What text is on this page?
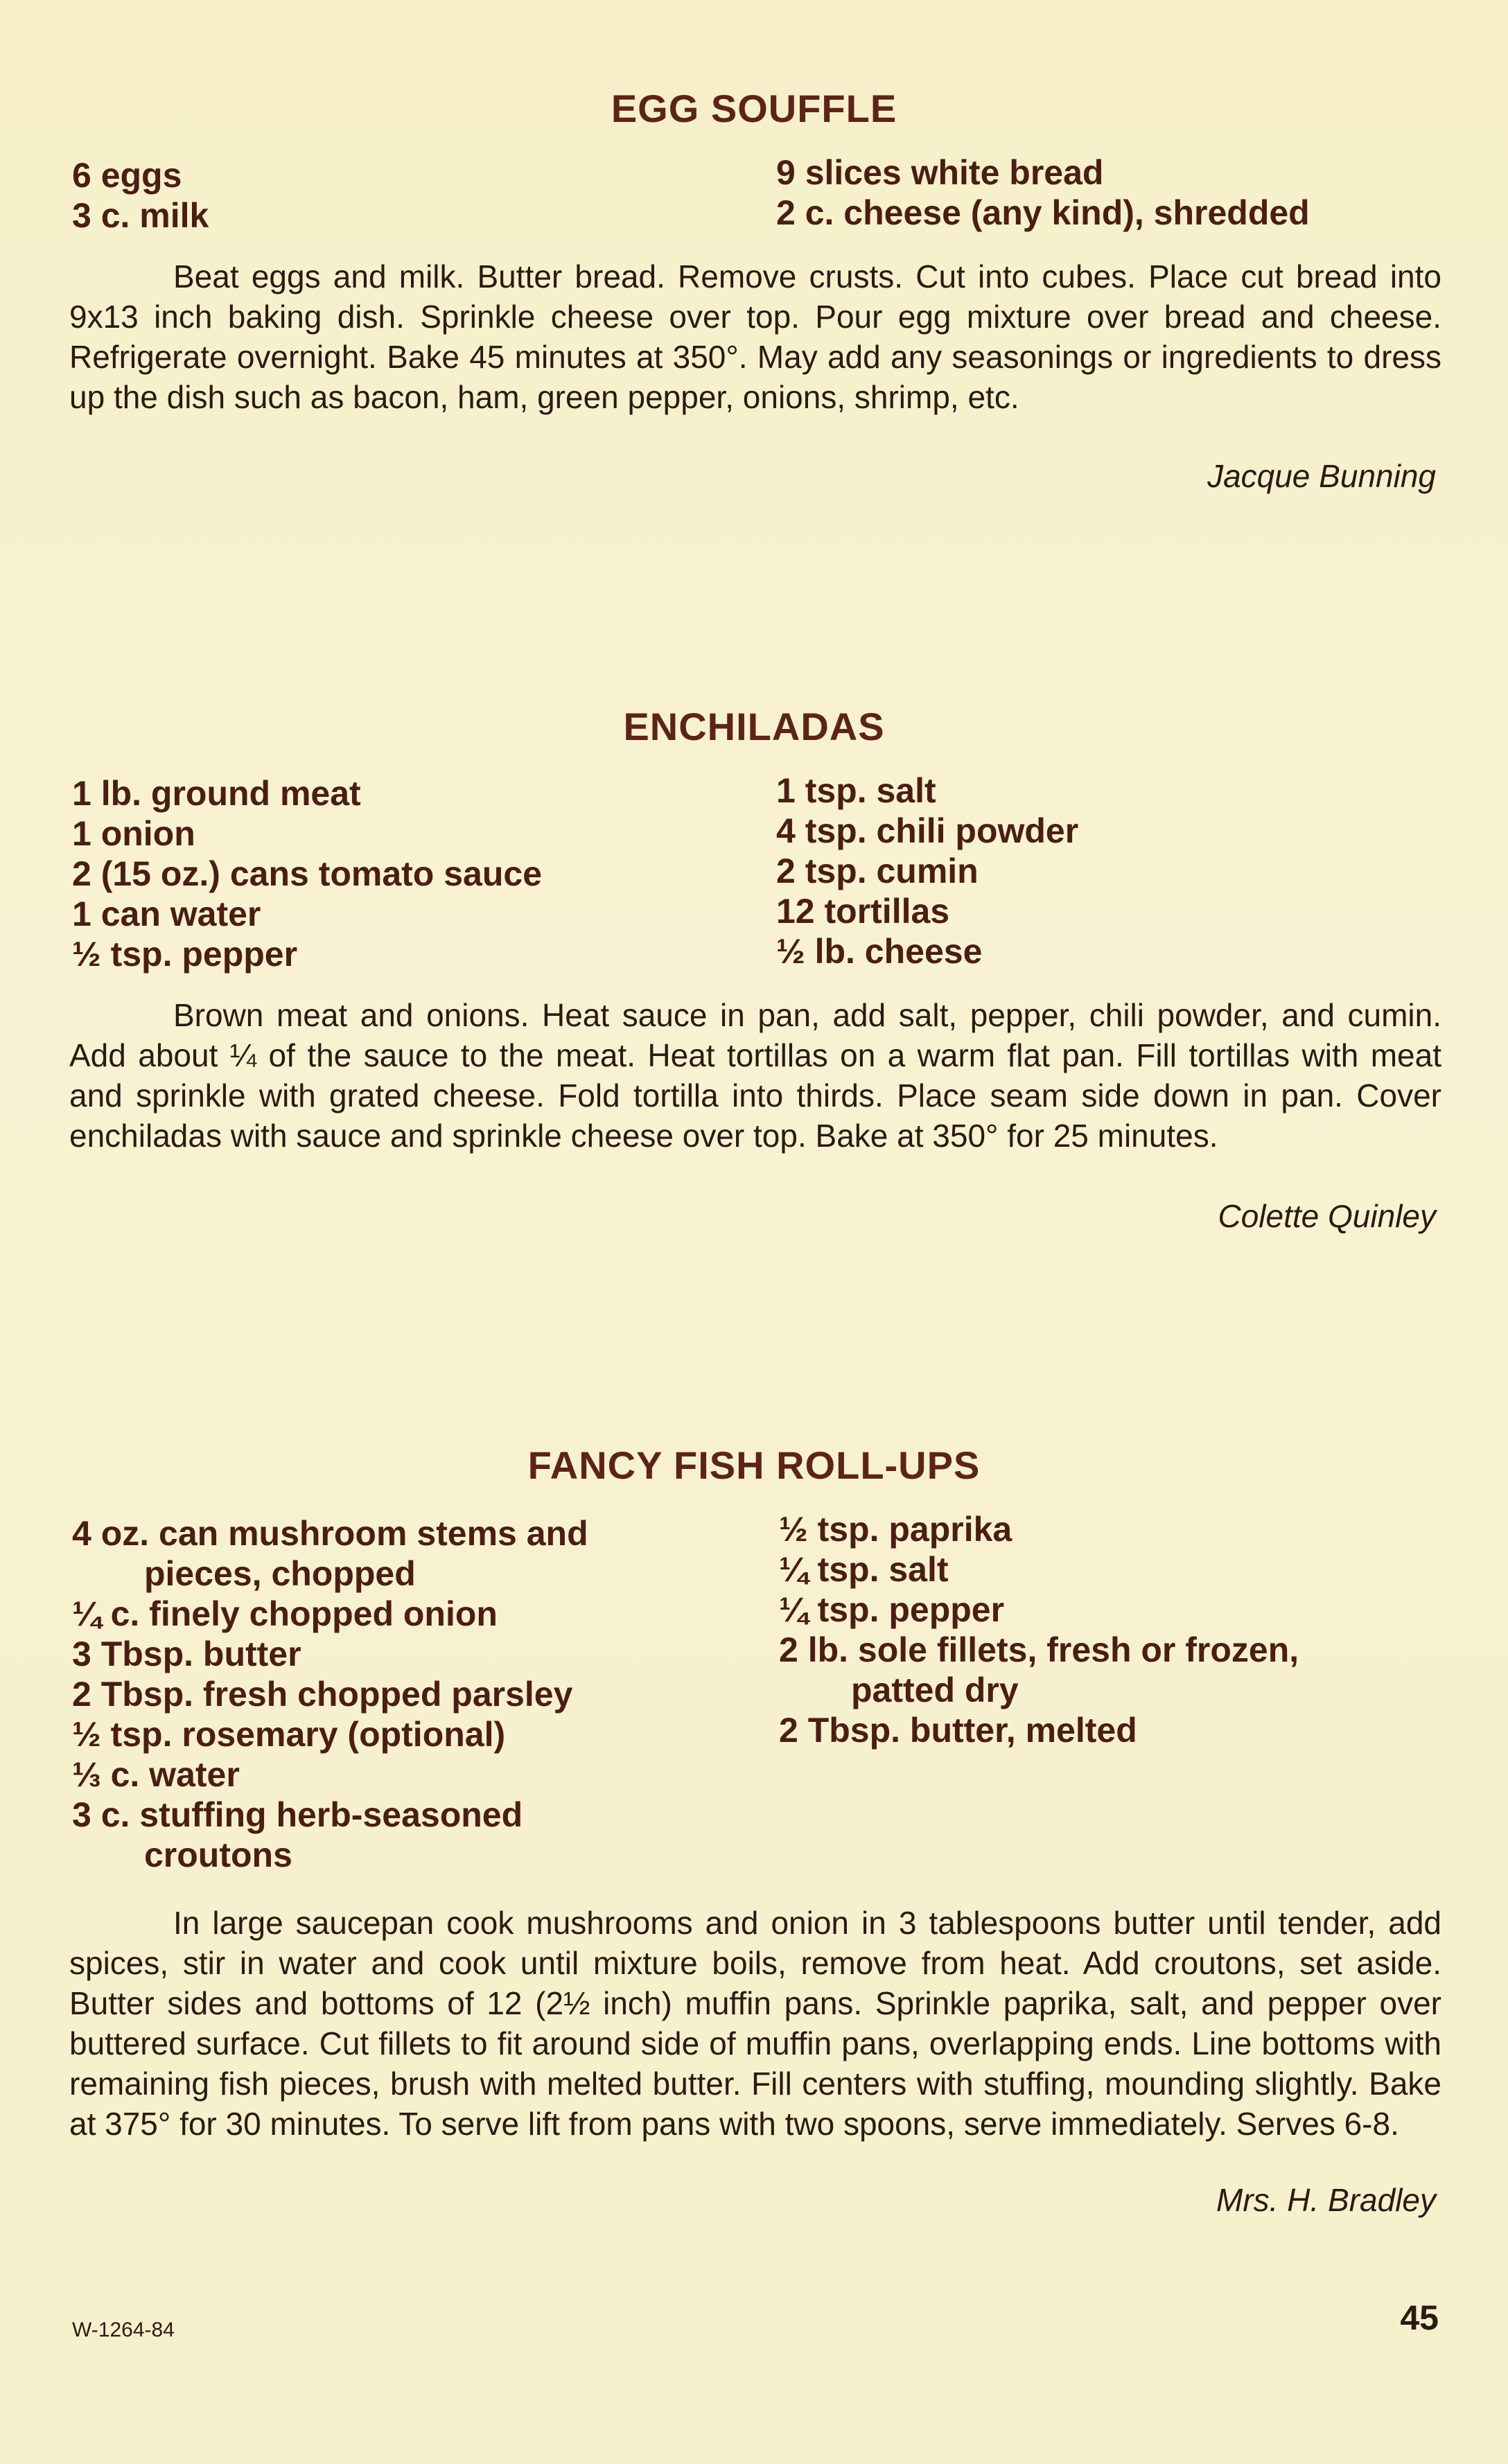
EGG SOUFFLE
6 eggs
3 c. milk
9 slices white bread
2 c. cheese (any kind), shredded
Beat eggs and milk. Butter bread. Remove crusts. Cut into cubes. Place cut bread into 9x13 inch baking dish. Sprinkle cheese over top. Pour egg mixture over bread and cheese. Refrigerate overnight. Bake 45 minutes at 350°. May add any seasonings or ingredients to dress up the dish such as bacon, ham, green pepper, onions, shrimp, etc.
Jacque Bunning
ENCHILADAS
1 lb. ground meat
1 onion
2 (15 oz.) cans tomato sauce
1 can water
½ tsp. pepper
1 tsp. salt
4 tsp. chili powder
2 tsp. cumin
12 tortillas
½ lb. cheese
Brown meat and onions. Heat sauce in pan, add salt, pepper, chili powder, and cumin. Add about ¼ of the sauce to the meat. Heat tortillas on a warm flat pan. Fill tortillas with meat and sprinkle with grated cheese. Fold tortilla into thirds. Place seam side down in pan. Cover enchiladas with sauce and sprinkle cheese over top. Bake at 350° for 25 minutes.
Colette Quinley
FANCY FISH ROLL-UPS
4 oz. can mushroom stems and
pieces, chopped
¼ c. finely chopped onion
3 Tbsp. butter
2 Tbsp. fresh chopped parsley
½ tsp. rosemary (optional)
⅓ c. water
3 c. stuffing herb-seasoned
croutons
½ tsp. paprika
¼ tsp. salt
¼ tsp. pepper
2 lb. sole fillets, fresh or frozen,
patted dry
2 Tbsp. butter, melted
In large saucepan cook mushrooms and onion in 3 tablespoons butter until tender, add spices, stir in water and cook until mixture boils, remove from heat. Add croutons, set aside. Butter sides and bottoms of 12 (2½ inch) muffin pans. Sprinkle paprika, salt, and pepper over buttered surface. Cut fillets to fit around side of muffin pans, overlapping ends. Line bottoms with remaining fish pieces, brush with melted butter. Fill centers with stuffing, mounding slightly. Bake at 375° for 30 minutes. To serve lift from pans with two spoons, serve immediately. Serves 6-8.
Mrs. H. Bradley
W-1264-84	45
